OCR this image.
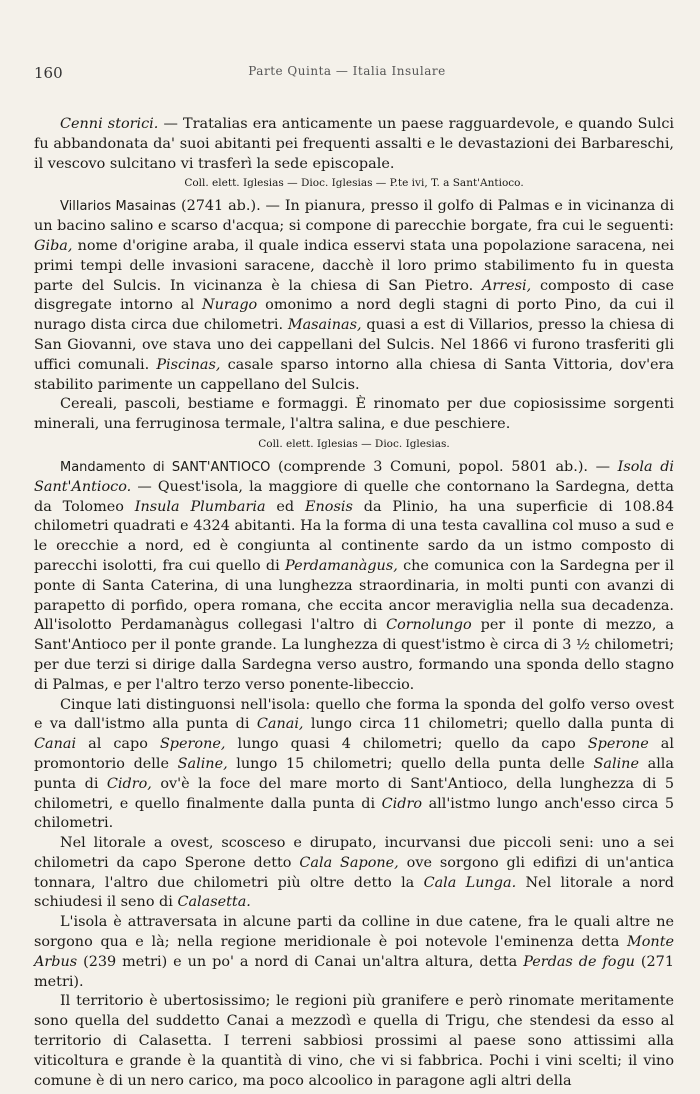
160	Parte Quinta — Italia Insulare

Cenni storici. — Tratalias era anticamente un paese ragguardevole, e quando Sulci fu abbandonata da' suoi abitanti pei frequenti assalti e le devastazioni dei Barbareschi, il vescovo sulcitano vi trasferì la sede episcopale.

Coll. elett. Iglesias — Dioc. Iglesias — P.te ivi, T. a Sant'Antioco.

Villarios Masainas (2741 ab.). — In pianura, presso il golfo di Palmas e in vicinanza di un bacino salino e scarso d'acqua; si compone di parecchie borgate, fra cui le seguenti: Giba, nome d'origine araba, il quale indica esservi stata una popolazione saracena, nei primi tempi delle invasioni saracene, dacchè il loro primo stabilimento fu in questa parte del Sulcis. In vicinanza è la chiesa di San Pietro. Arresi, composto di case disgregate intorno al Nurago omonimo a nord degli stagni di porto Pino, da cui il nurago dista circa due chilometri. Masainas, quasi a est di Villarios, presso la chiesa di San Giovanni, ove stava uno dei cappellani del Sulcis. Nel 1866 vi furono trasferiti gli uffici comunali. Piscinas, casale sparso intorno alla chiesa di Santa Vittoria, dov'era stabilito parimente un cappellano del Sulcis.

Cereali, pascoli, bestiame e formaggi. È rinomato per due copiosissime sorgenti minerali, una ferruginosa termale, l'altra salina, e due peschiere.

Coll. elett. Iglesias — Dioc. Iglesias.

Mandamento di SANT'ANTIOCO (comprende 3 Comuni, popol. 5801 ab.). — Isola di Sant'Antioco. — Quest'isola, la maggiore di quelle che contornano la Sardegna, detta da Tolomeo Insula Plumbaria ed Enosis da Plinio, ha una superficie di 108.84 chilometri quadrati e 4324 abitanti. Ha la forma di una testa cavallina col muso a sud e le orecchie a nord, ed è congiunta al continente sardo da un istmo composto di parecchi isolotti, fra cui quello di Perdamanàgus, che comunica con la Sardegna per il ponte di Santa Caterina, di una lunghezza straordinaria, in molti punti con avanzi di parapetto di porfido, opera romana, che eccita ancor meraviglia nella sua decadenza. All'isolotto Perdamanàgus collegasi l'altro di Cornolungo per il ponte di mezzo, a Sant'Antioco per il ponte grande. La lunghezza di quest'istmo è circa di 3 ½ chilometri; per due terzi si dirige dalla Sardegna verso austro, formando una sponda dello stagno di Palmas, e per l'altro terzo verso ponente-libeccio.

Cinque lati distinguonsi nell'isola: quello che forma la sponda del golfo verso ovest e va dall'istmo alla punta di Canai, lungo circa 11 chilometri; quello dalla punta di Canai al capo Sperone, lungo quasi 4 chilometri; quello da capo Sperone al promontorio delle Saline, lungo 15 chilometri; quello della punta delle Saline alla punta di Cidro, ov'è la foce del mare morto di Sant'Antioco, della lunghezza di 5 chilometri, e quello finalmente dalla punta di Cidro all'istmo lungo anch'esso circa 5 chilometri.

Nel litorale a ovest, scosceso e dirupato, incurvansi due piccoli seni: uno a sei chilometri da capo Sperone detto Cala Sapone, ove sorgono gli edifizi di un'antica tonnara, l'altro due chilometri più oltre detto la Cala Lunga. Nel litorale a nord schiudesi il seno di Calasetta.

L'isola è attraversata in alcune parti da colline in due catene, fra le quali altre ne sorgono qua e là; nella regione meridionale è poi notevole l'eminenza detta Monte Arbus (239 metri) e un po' a nord di Canai un'altra altura, detta Perdas de fogu (271 metri).

Il territorio è ubertosissimo; le regioni più granifere e però rinomate meritamente sono quella del suddetto Canai a mezzodì e quella di Trigu, che stendesi da esso al territorio di Calasetta. I terreni sabbiosi prossimi al paese sono attissimi alla viticoltura e grande è la quantità di vino, che vi si fabbrica. Pochi i vini scelti; il vino comune è di un nero carico, ma poco alcoolico in paragone agli altri della
